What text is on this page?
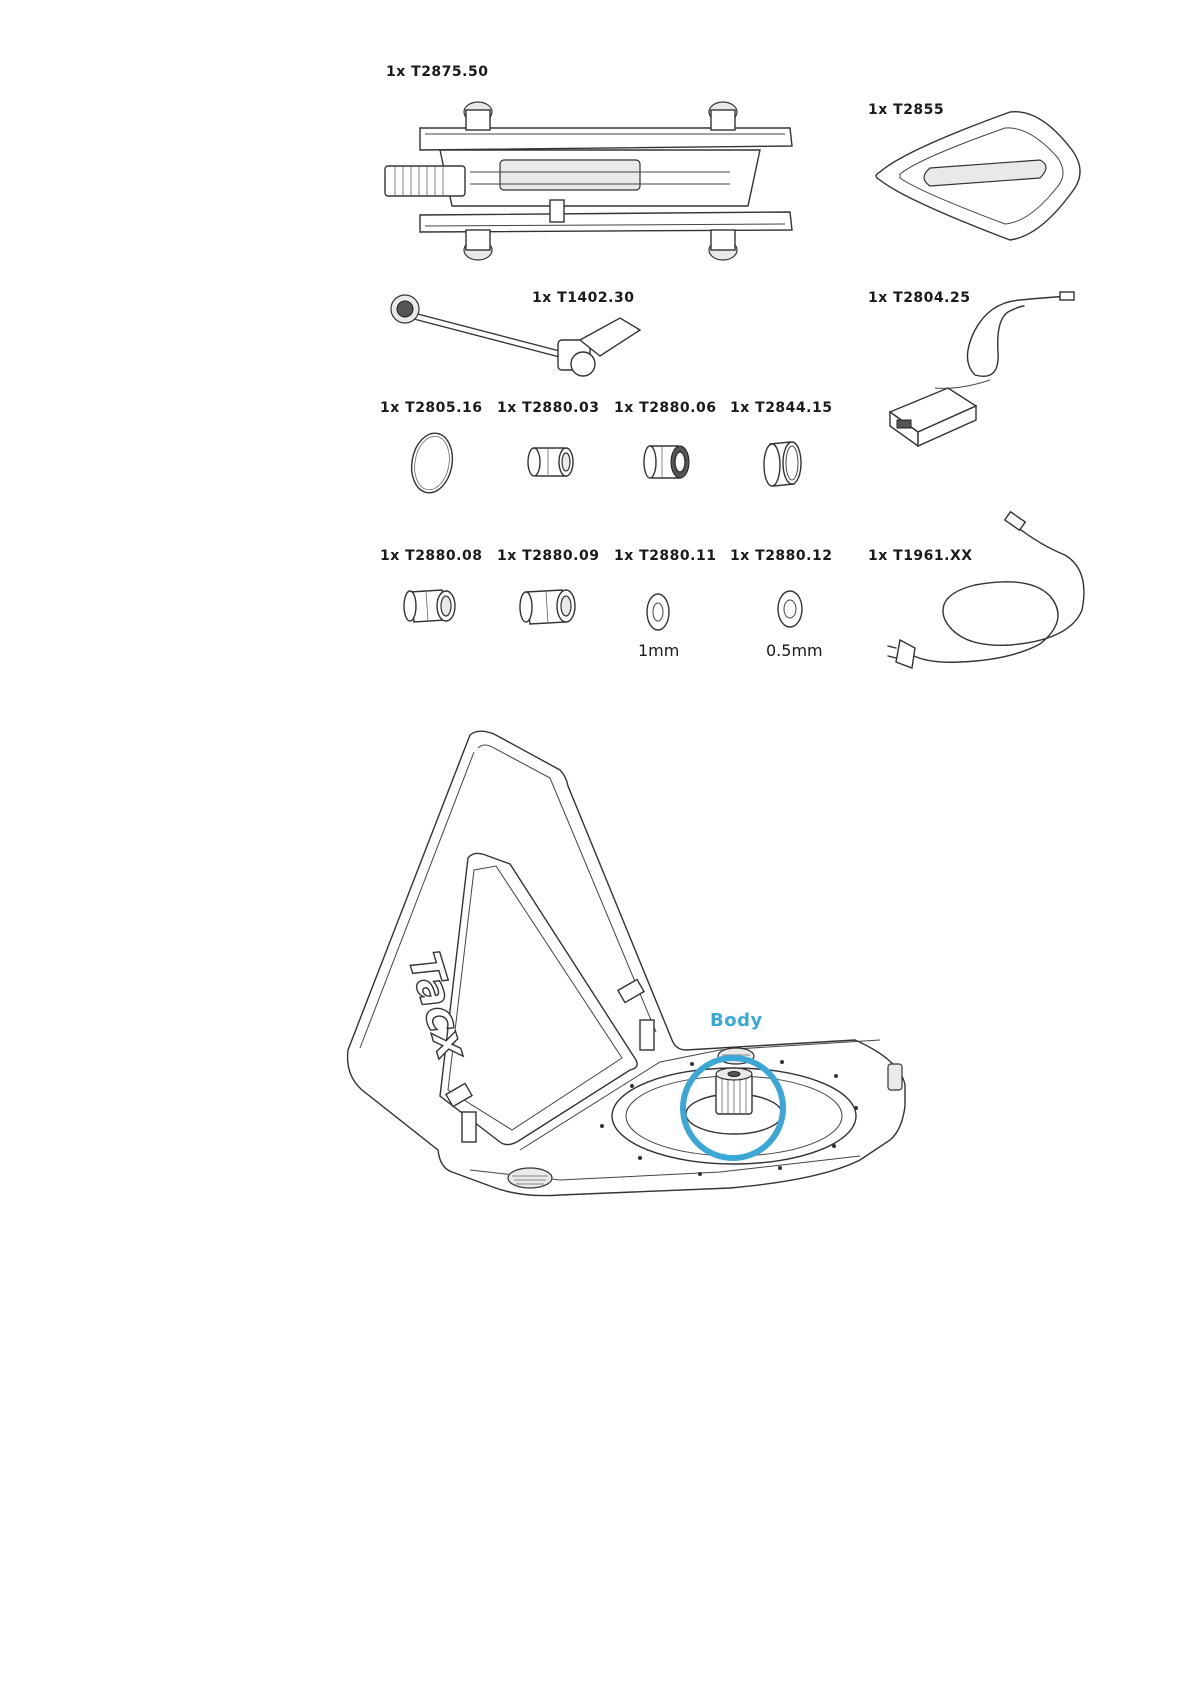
1x T2875.50
1x T2855
1x T1402.30	1x T2804.25
1x T2805.16 1x T2880.03 1x T2880.06 1x T2844.15
1x T2880.08 1x T2880.09 1x T2880.11
1mm
1x T2880.12
0.5mm
1x T1961.XX
Tacx	Body
